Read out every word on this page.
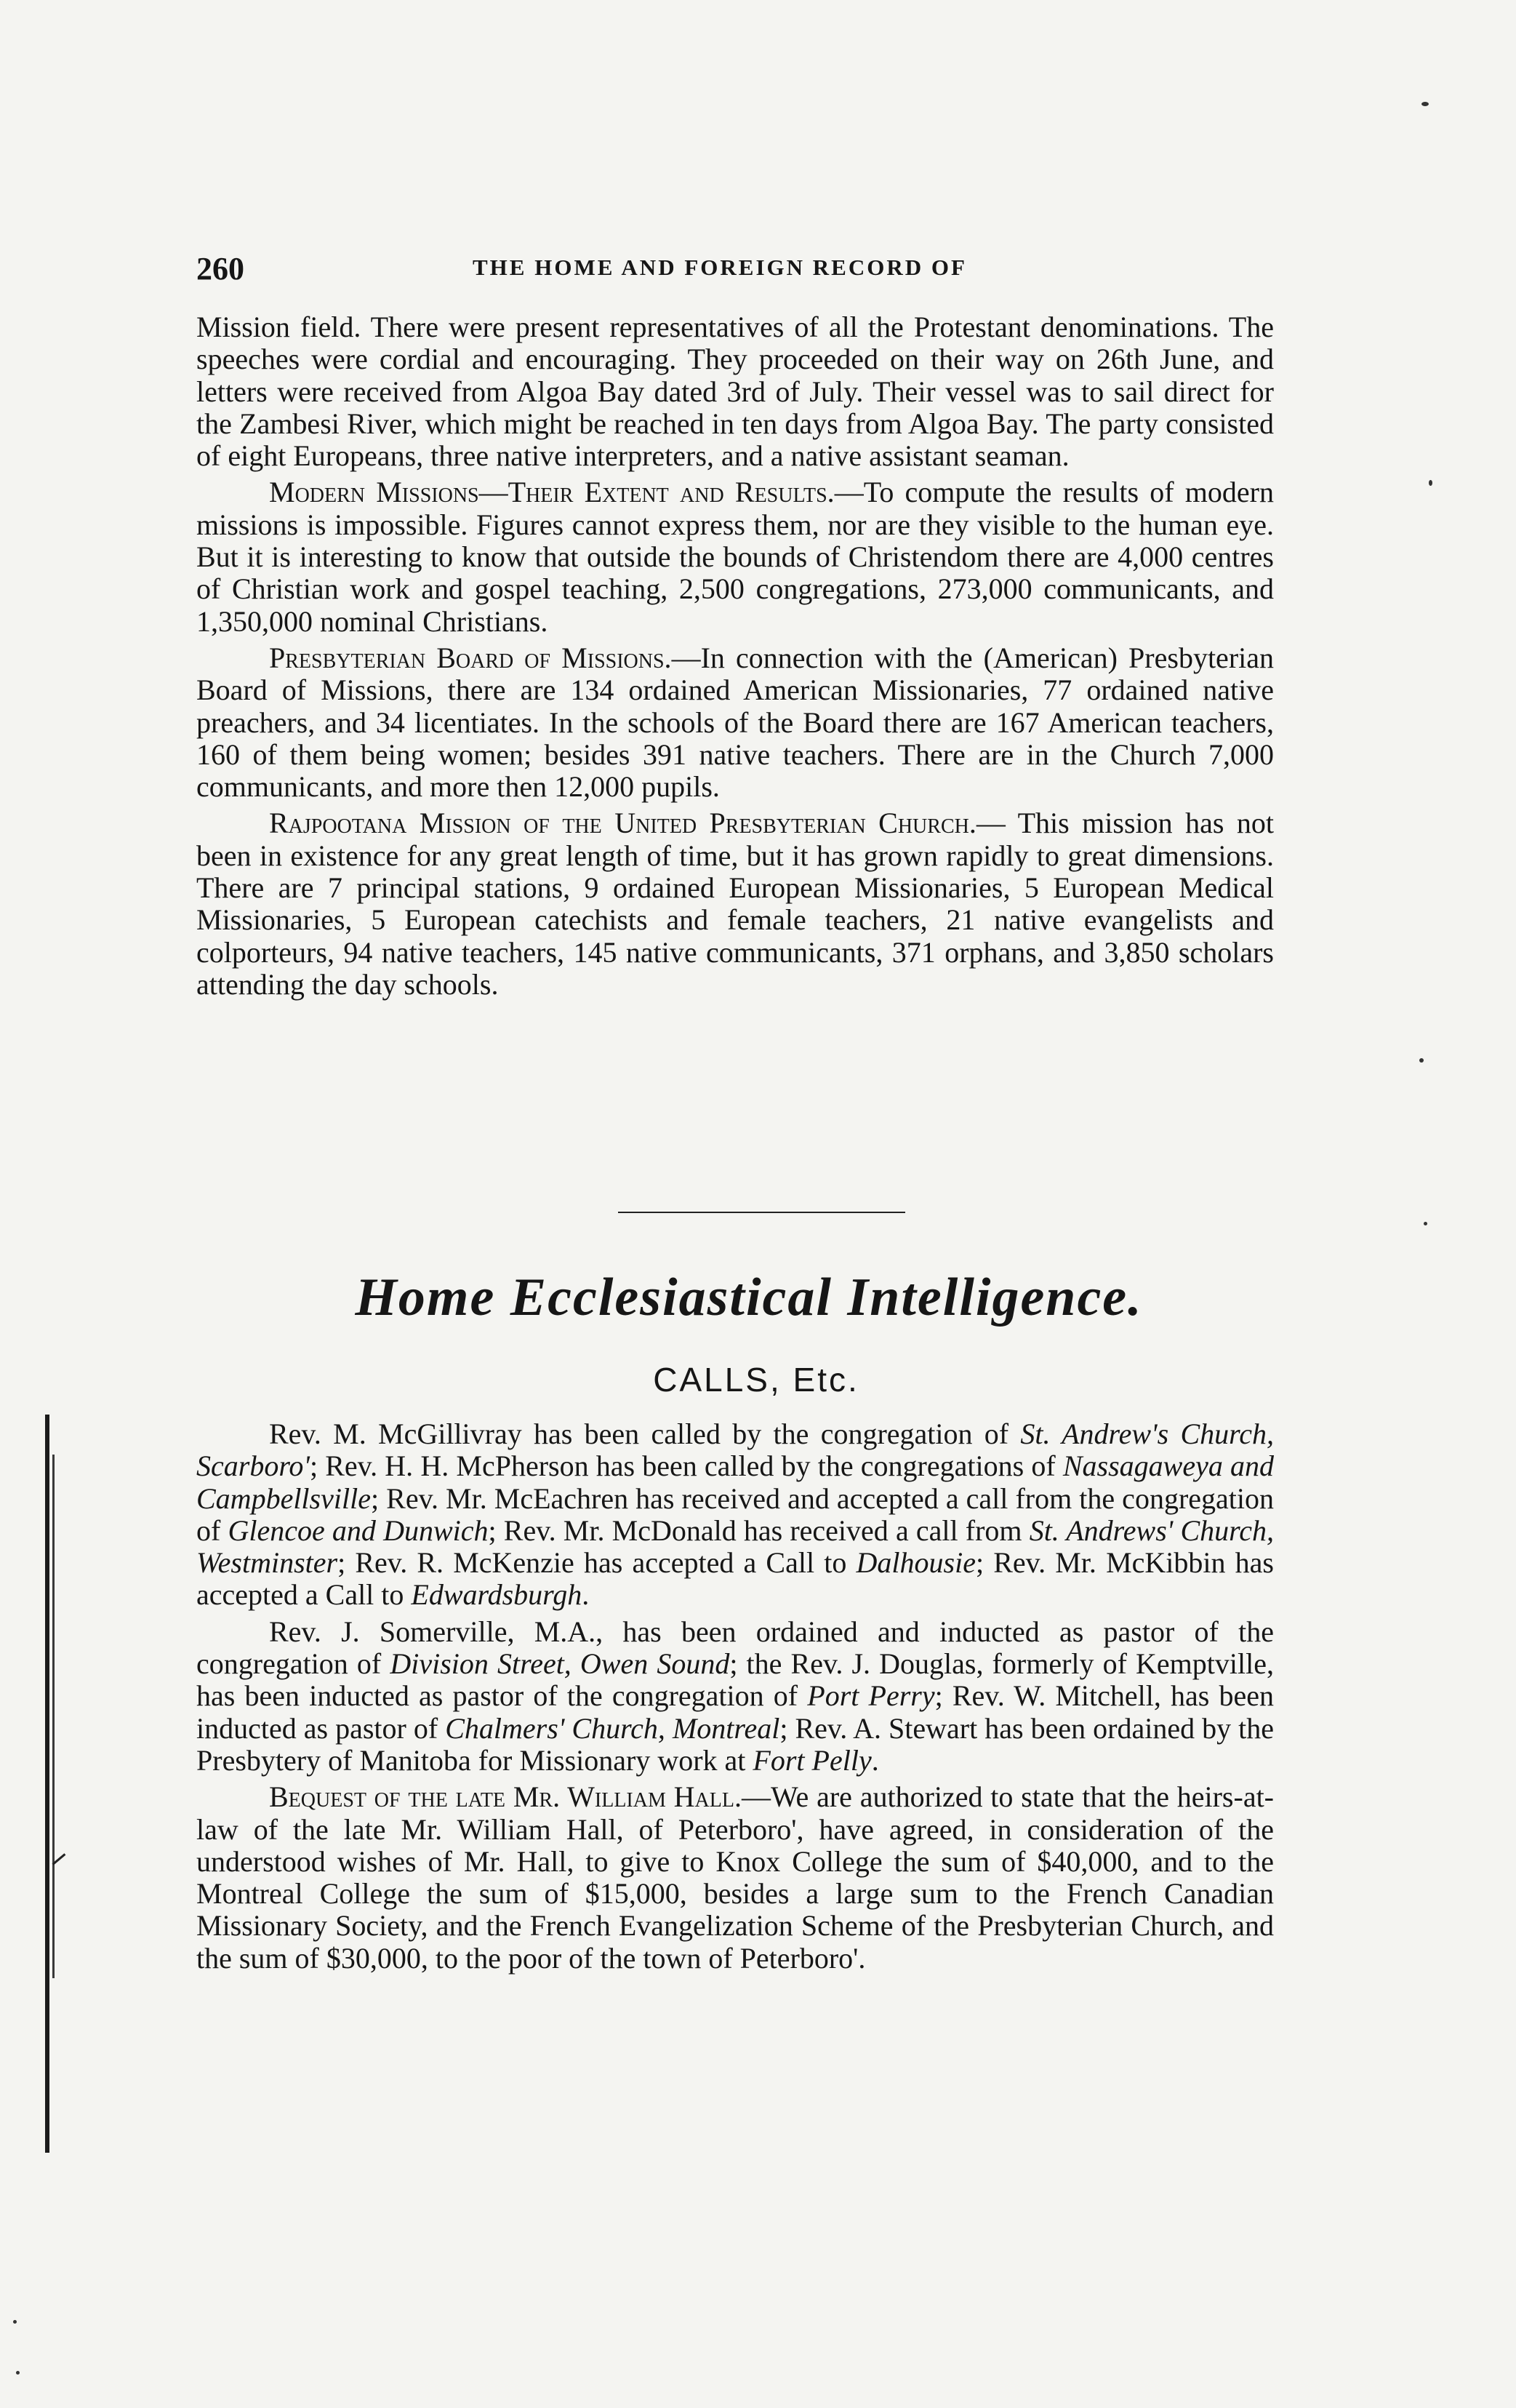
260	THE HOME AND FOREIGN RECORD OF

Mission field. There were present representatives of all the Protestant denominations. The speeches were cordial and encouraging. They proceeded on their way on 26th June, and letters were received from Algoa Bay dated 3rd of July. Their vessel was to sail direct for the Zambesi River, which might be reached in ten days from Algoa Bay. The party consisted of eight Europeans, three native interpreters, and a native assistant seaman.

Modern Missions—Their Extent and Results.—To compute the results of modern missions is impossible. Figures cannot express them, nor are they visible to the human eye. But it is interesting to know that outside the bounds of Christendom there are 4,000 centres of Christian work and gospel teaching, 2,500 congregations, 273,000 communicants, and 1,350,000 nominal Christians.

Presbyterian Board of Missions.—In connection with the (American) Presbyterian Board of Missions, there are 134 ordained American Missionaries, 77 ordained native preachers, and 34 licentiates. In the schools of the Board there are 167 American teachers, 160 of them being women; besides 391 native teachers. There are in the Church 7,000 communicants, and more then 12,000 pupils.

Rajpootana Mission of the United Presbyterian Church.— This mission has not been in existence for any great length of time, but it has grown rapidly to great dimensions. There are 7 principal stations, 9 ordained European Missionaries, 5 European Medical Missionaries, 5 European catechists and female teachers, 21 native evangelists and colporteurs, 94 native teachers, 145 native communicants, 371 orphans, and 3,850 scholars attending the day schools.

Home Ecclesiastical Intelligence.
CALLS, Etc.

Rev. M. McGillivray has been called by the congregation of St. Andrew's Church, Scarboro'; Rev. H. H. McPherson has been called by the congregations of Nassagaweya and Campbellsville; Rev. Mr. McEachren has received and accepted a call from the congregation of Glencoe and Dunwich; Rev. Mr. McDonald has received a call from St. Andrews' Church, Westminster; Rev. R. McKenzie has accepted a Call to Dalhousie; Rev. Mr. McKibbin has accepted a Call to Edwardsburgh.

Rev. J. Somerville, M.A., has been ordained and inducted as pastor of the congregation of Division Street, Owen Sound; the Rev. J. Douglas, formerly of Kemptville, has been inducted as pastor of the congregation of Port Perry; Rev. W. Mitchell, has been inducted as pastor of Chalmers' Church, Montreal; Rev. A. Stewart has been ordained by the Presbytery of Manitoba for Missionary work at Fort Pelly.

Bequest of the late Mr. William Hall.—We are authorized to state that the heirs-at-law of the late Mr. William Hall, of Peterboro', have agreed, in consideration of the understood wishes of Mr. Hall, to give to Knox College the sum of $40,000, and to the Montreal College the sum of $15,000, besides a large sum to the French Canadian Missionary Society, and the French Evangelization Scheme of the Presbyterian Church, and the sum of $30,000, to the poor of the town of Peterboro'.
